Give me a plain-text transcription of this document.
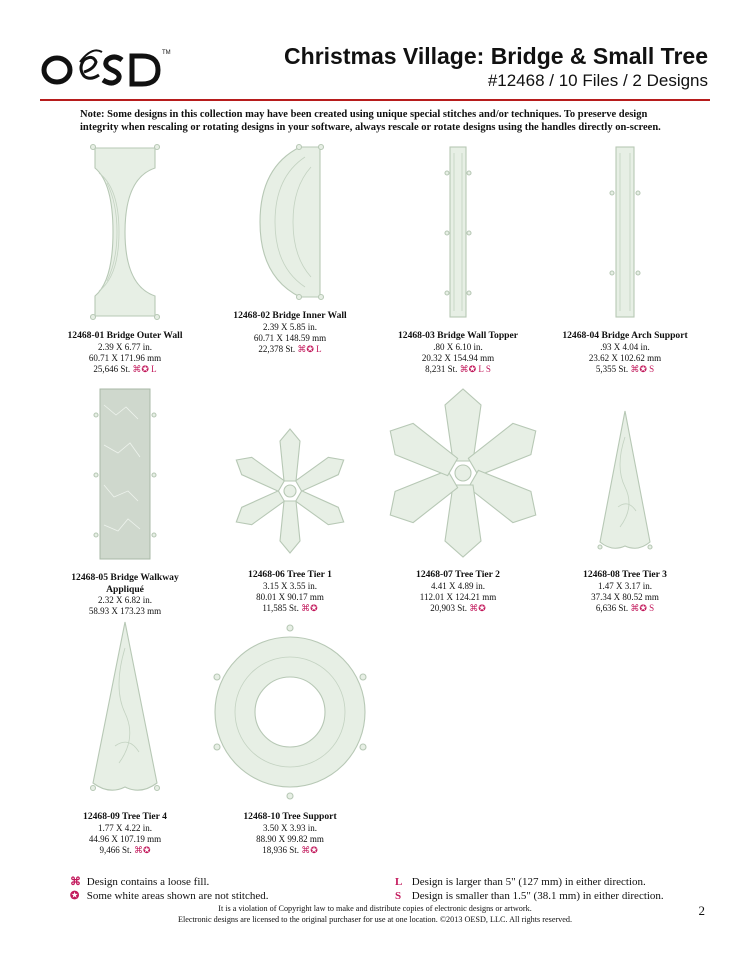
TM	Christmas Village: Bridge & Small Tree
#12468 / 10 Files / 2 Designs
Note: Some designs in this collection may have been created using unique special stitches and/or techniques. To preserve design integrity when rescaling or rotating designs in your software, always rescale or rotate designs using the handles directly on-screen.
12468-01 Bridge Outer Wall
2.39 X 6.77 in.
60.71 X 171.96 mm
25,646 St. ⌘✪ L
12468-02 Bridge Inner Wall
2.39 X 5.85 in.
60.71 X 148.59 mm
22,378 St. ⌘✪ L
12468-03 Bridge Wall Topper
.80 X 6.10 in.
20.32 X 154.94 mm
8,231 St. ⌘✪ L S
12468-04 Bridge Arch Support
.93 X 4.04 in.
23.62 X 102.62 mm
5,355 St. ⌘✪ S
12468-05 Bridge Walkway
Appliqué
2.32 X 6.82 in.
58.93 X 173.23 mm
31,225 St. ⌘✪ L
12468-06 Tree Tier 1
3.15 X 3.55 in.
80.01 X 90.17 mm
11,585 St. ⌘✪
12468-07 Tree Tier 2
4.41 X 4.89 in.
112.01 X 124.21 mm
20,903 St. ⌘✪
12468-08 Tree Tier 3
1.47 X 3.17 in.
37.34 X 80.52 mm
6,636 St. ⌘✪ S
12468-09 Tree Tier 4
1.77 X 4.22 in.
44.96 X 107.19 mm
9,466 St. ⌘✪
12468-10 Tree Support
3.50 X 3.93 in.
88.90 X 99.82 mm
18,936 St. ⌘✪
⌘ Design contains a loose fill.
✪ Some white areas shown are not stitched.
L Design is larger than 5" (127 mm) in either direction.
S Design is smaller than 1.5" (38.1 mm) in either direction.
It is a violation of Copyright law to make and distribute copies of electronic designs or artwork.
Electronic designs are licensed to the original purchaser for use at one location. ©2013 OESD, LLC. All rights reserved.
2
